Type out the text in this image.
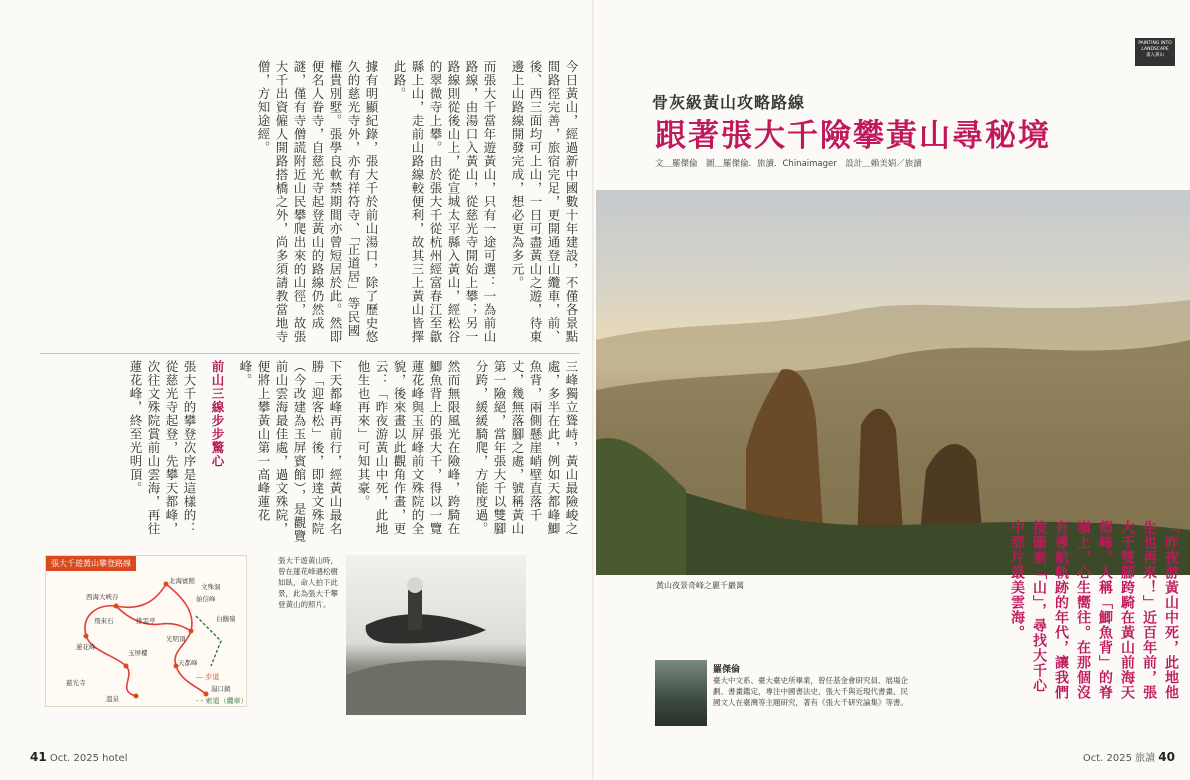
今日黃山，經過新中國數十年建設，不僅各景點間路徑完善，旅宿完足，更開通登山纜車，前、後、西三面均可上山，一日可盡黃山之遊，待東邊上山路線開發完成，想必更為多元。

而張大千當年遊黃山，只有一途可選：一為前山路線，由湯口入黃山，從慈光寺開始上攀；另一路線則從後山上，從宣城太平縣入黃山，經松谷的翠微寺上攀。由於張大千從杭州經富春江至歙縣上山，走前山路線較便利，故其三上黃山皆擇此路。

據有明顯紀錄，張大千於前山湯口，除了歷史悠久的慈光寺外，亦有祥符寺、「正道居」等民國權貴別墅。張學良軟禁期間亦曾短居於此。然即便名人眷寺，自慈光寺起登黃山的路線仍然成謎，僅有寺僧謊附近山民攀爬出來的山徑，故張大千出資僱人開路搭橋之外，尚多須請教當地寺僧，方知途經。

三峰獨立聳峙，黃山最險峻之處，多半在此，例如天都峰鯽魚背，兩側懸崖峭壁直落千丈，幾無落腳之處，號稱黃山第一險絕，當年張大千以雙腳分跨，緩緩騎爬，方能度過。

然而無限風光在險峰，跨騎在鯽魚背上的張大千，得以一覽蓮花峰與玉屏峰前文殊院的全貌，後來畫以此觀角作畫，更云：「昨夜游黃山中死，此地他生也再來」可知其豪。

下天都峰再前行，經黃山最名勝「迎客松」後，即達文殊院（今改建為玉屏賓館），是觀覽前山雲海最佳處，過文殊院，便將上攀黃山第一高峰蓮花峰。

前山三線步步驚心

張大千的攀登次序是這樣的：從慈光寺起登，先攀天都峰，次往文殊院賞前山雲海，再往蓮花峰，終至光明頂。

張大千遊黃山攀登路線
北海賓館
西海大峽谷	始信峰
文殊洞
白鵝嶺
光明頂
蓮花峰
玉屏樓
天都峰
慈光寺
溫泉
湯口鎮
飛來石	排雲亭
— 步道
- - 索道（纜車）
張大千遊黃山時，曾在蓮花峰遇松樹如臥，命人拍下此景，此為張大千攀登黃山的照片。
41 Oct. 2025 hotel
PAINTING INTO
LANDSCAPE
畫入黃山
骨灰級黃山攻略路線
跟著張大千險攀黃山尋秘境
文＿羅傑倫　圖＿羅傑倫．旅讀．Chinaimager　設計＿賴美娟／旅讀
黃山夜景奇峰之麗千巖萬	「昨夜游黃山中死，此地他生也再來！」近百年前，張大千雙腳跨騎在黃山前海天都峰，人稱「鯽魚背」的脊嶺上，心生嚮往。在那個沒有導航軌跡的年代，讓我們按圖索「山」，尋找大千心中那片最美雲海。
羅傑倫
臺大中文系、臺大臺史所畢業，曾任基金會研究員、展場企劃、書畫鑑定，專注中國書法史、張大千與近現代書畫、民國文人在臺灣等主題研究，著有《張大千研究論集》等書。
Oct. 2025 旅讀 40
